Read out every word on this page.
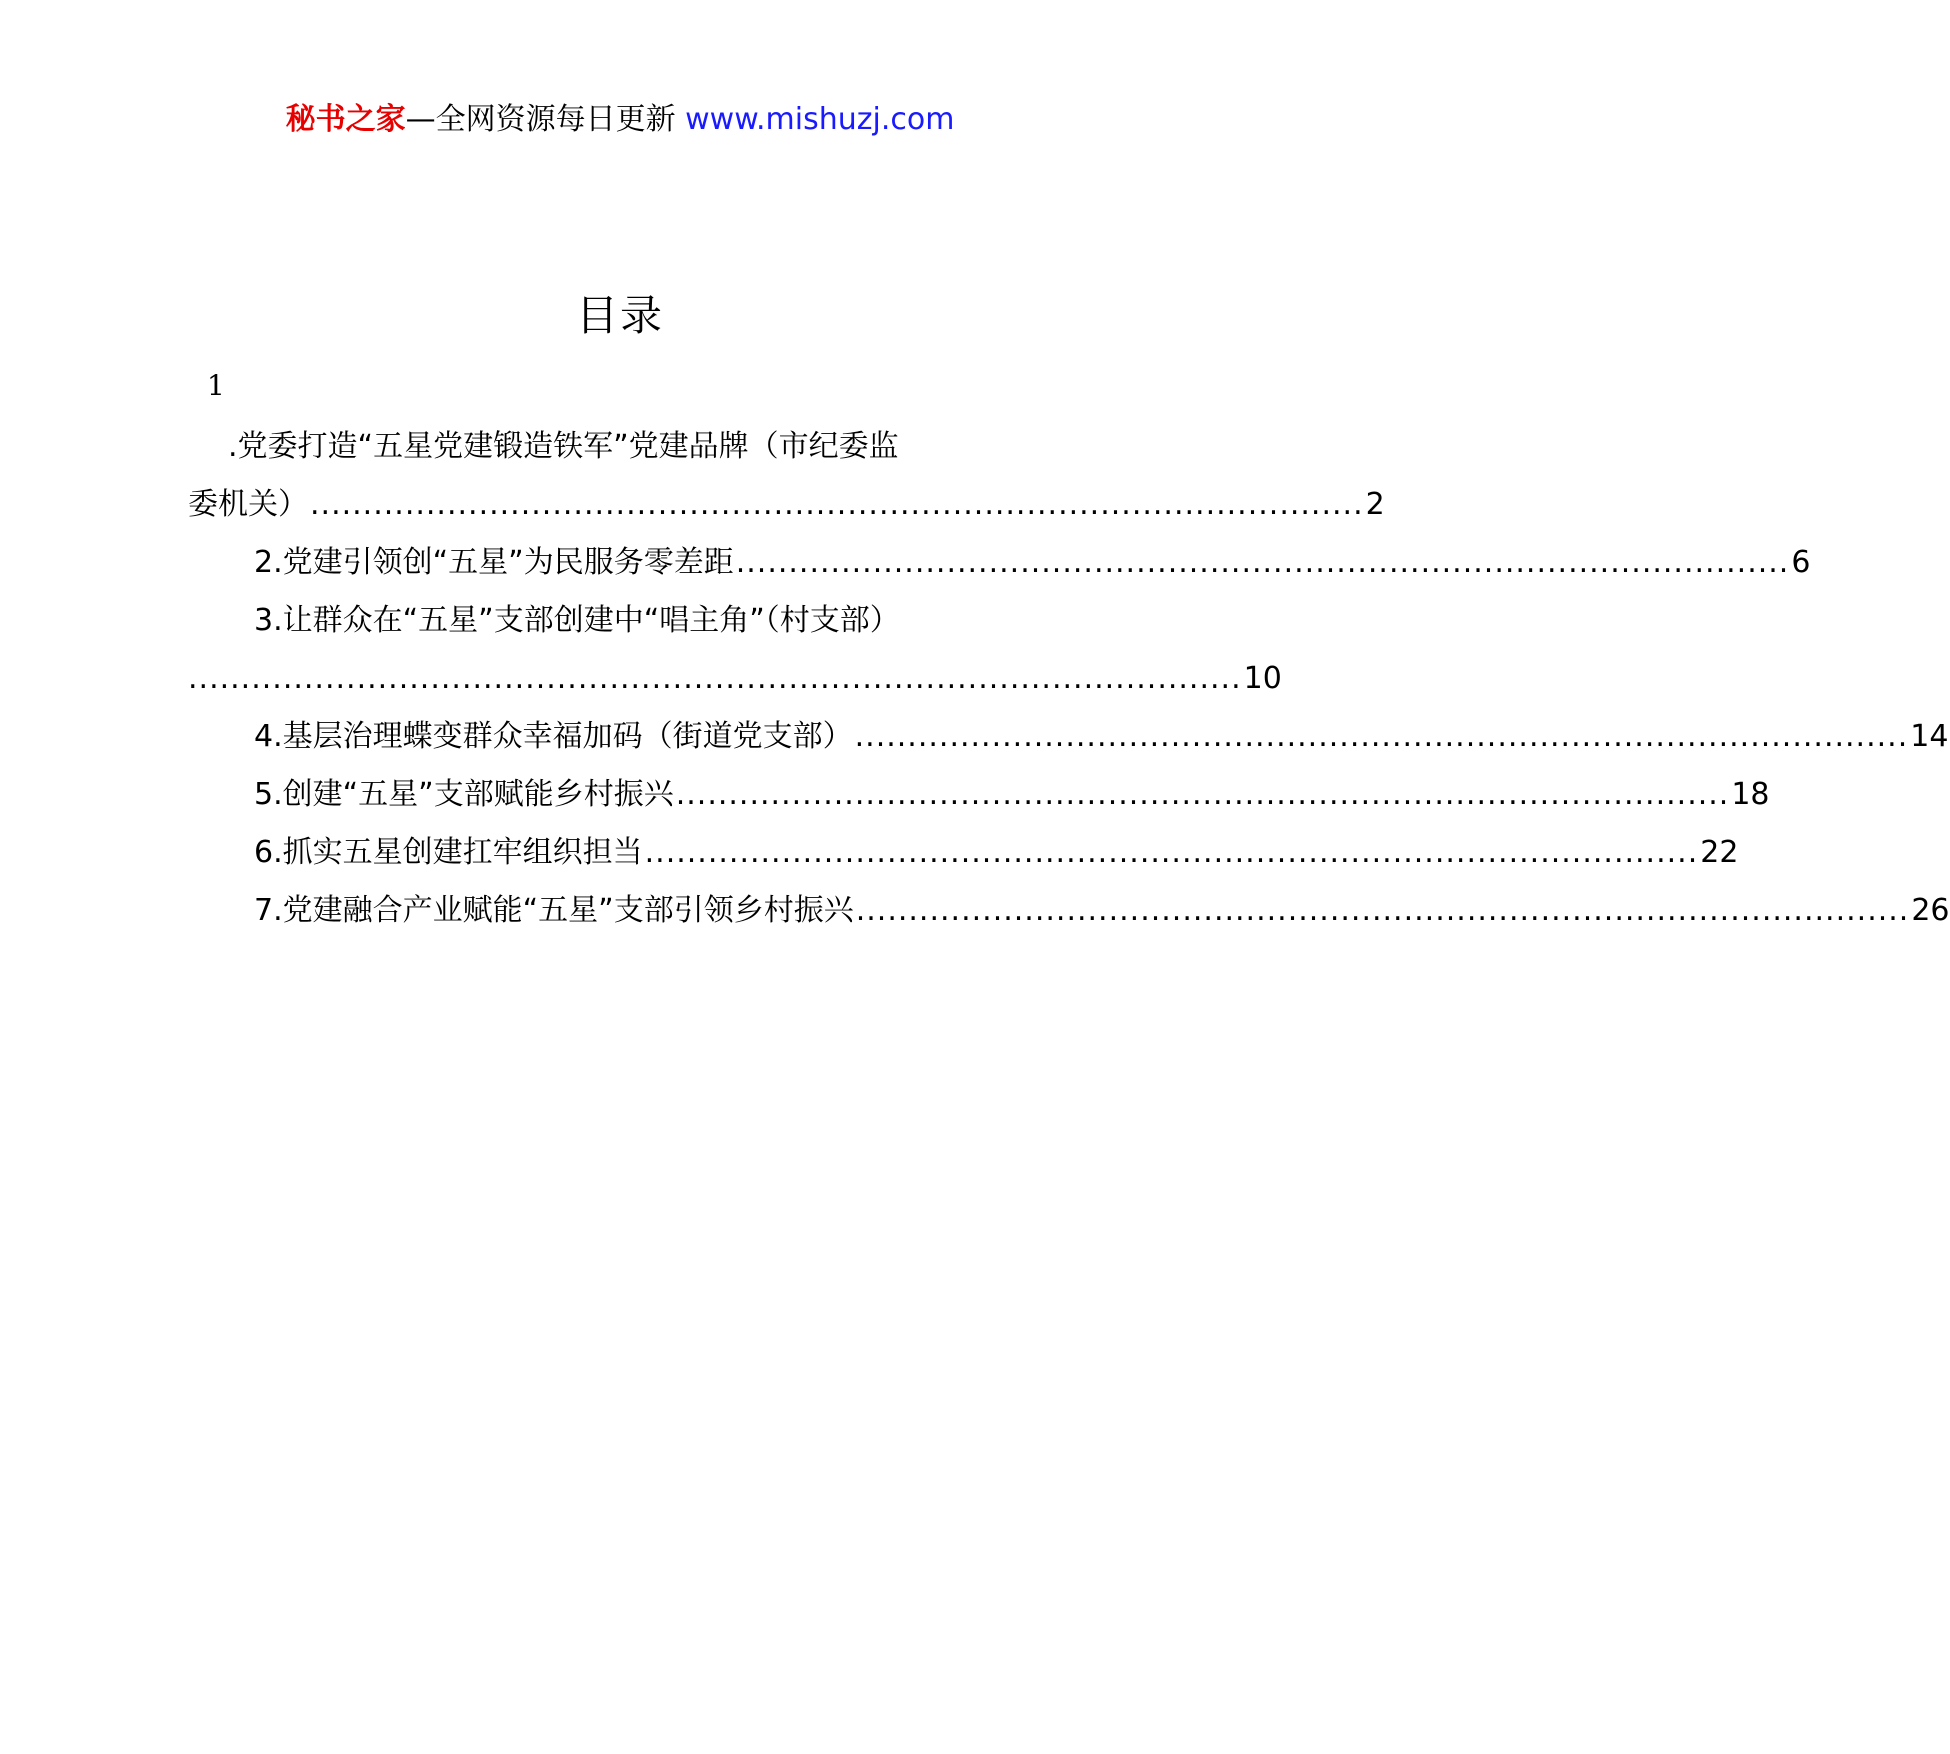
秘书之家—全网资源每日更新 www.mishuzj.com
目录
1
.党委打造“五星党建锻造铁军”党建品牌（市纪委监
委机关） .................................................................................................... 2
2.党建引领创“五星”为民服务零差距 .................................................................................................... 6
3.让群众在“五星”支部创建中“唱主角”（村支部）
.................................................................................................... 10
4.基层治理蝶变群众幸福加码（街道党支部） .................................................................................................... 14
5.创建“五星”支部赋能乡村振兴 .................................................................................................... 18
6.抓实五星创建扛牢组织担当 .................................................................................................... 22
7.党建融合产业赋能“五星”支部引领乡村振兴 .................................................................................................... 26
